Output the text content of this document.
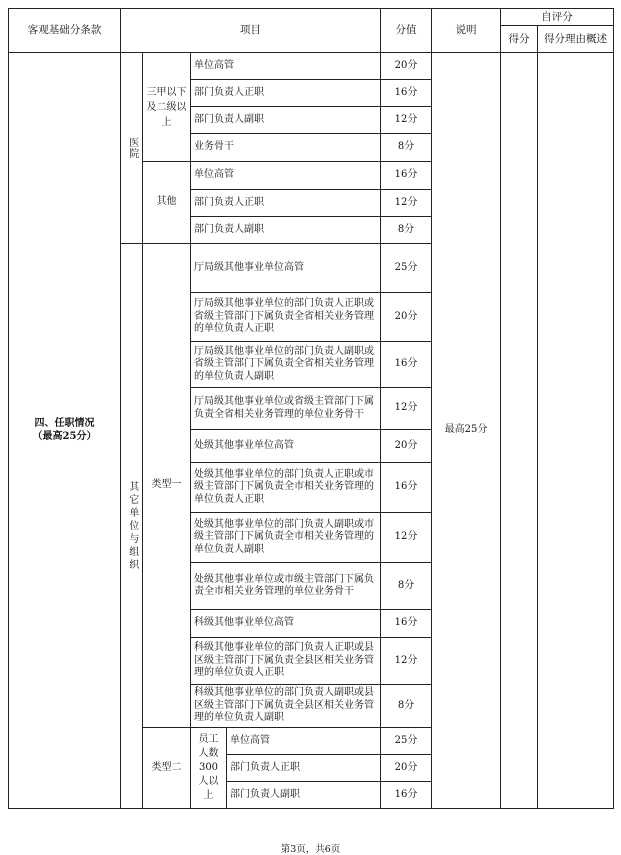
客观基础分条款	项目				分值	说明	自评分	
							得分	得分理由概述

四、任职情况
（最高25分）	医院	三甲以下及二级以上	单位高管		20分	最高25分		
			部门负责人正职		16分			
			部门负责人副职		12分			
			业务骨干		8分			
		其他	单位高管		16分			
			部门负责人正职		12分			
			部门负责人副职		8分			

	其它单位与组织	类型一	厅局级其他事业单位高管		25分			
			厅局级其他事业单位的部门负责人正职或省级主管部门下属负责全省相关业务管理的单位负责人正职		20分			
			厅局级其他事业单位的部门负责人副职或省级主管部门下属负责全省相关业务管理的单位负责人副职		16分			
			厅局级其他事业单位或省级主管部门下属负责全省相关业务管理的单位业务骨干		12分			
			处级其他事业单位高管		20分			
			处级其他事业单位的部门负责人正职或市级主管部门下属负责全市相关业务管理的单位负责人正职		16分			
			处级其他事业单位的部门负责人副职或市级主管部门下属负责全市相关业务管理的单位负责人副职		12分			
			处级其他事业单位或市级主管部门下属负责全市相关业务管理的单位业务骨干		8分			
			科级其他事业单位高管		16分			
			科级其他事业单位的部门负责人正职或县区级主管部门下属负责全县区相关业务管理的单位负责人正职		12分			
			科级其他事业单位的部门负责人副职或县区级主管部门下属负责全县区相关业务管理的单位负责人副职		8分			
		类型二	员工人数300人以上	单位高管	25分			
				部门负责人正职	20分			
				部门负责人副职	16分			
第3页，共6页
